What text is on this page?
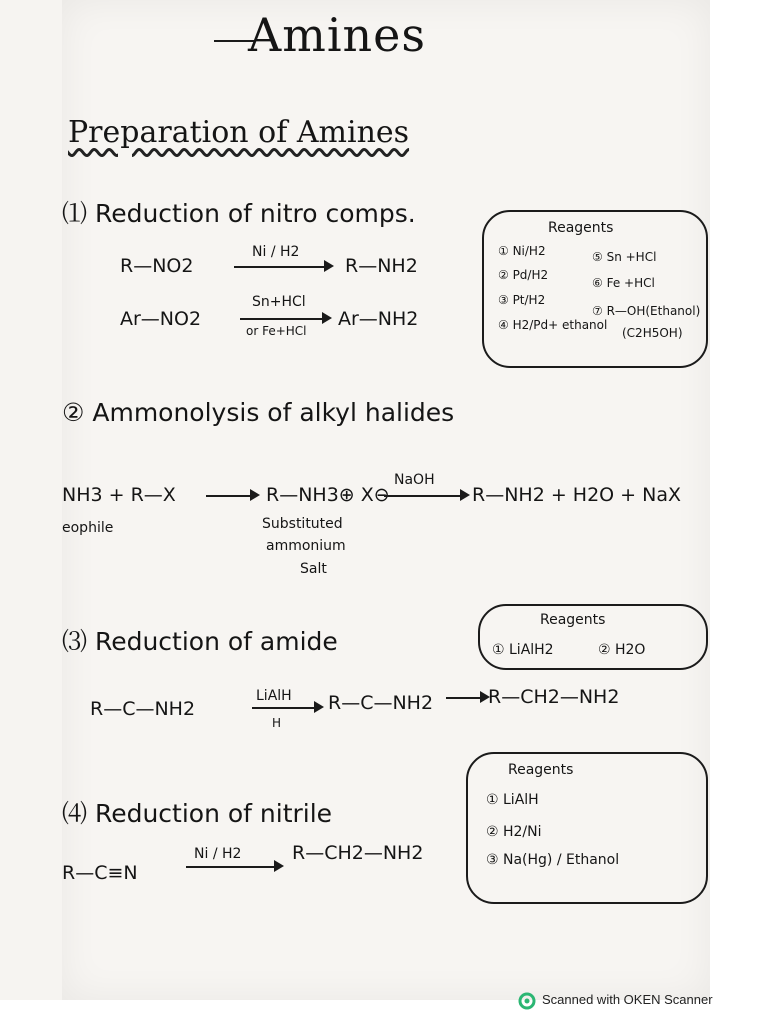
Amines
Preparation of Amines
⑴ Reduction of nitro comps.
R—NO2
Ni / H2
R—NH2
Ar—NO2
Sn+HCl
or Fe+HCl
Ar—NH2
Reagents
① Ni/H2
② Pd/H2
③ Pt/H2
④ H2/Pd+ ethanol
⑤ Sn +HCl
⑥ Fe +HCl
⑦ R—OH(Ethanol)
(C2H5OH)
② Ammonolysis of alkyl halides
NH3 + R—X	R—NH3⊕ X⊖
NaOH
R—NH2 + H2O + NaX
eophile	Substituted
ammonium
Salt
⑶ Reduction of amide
R—C—NH2
LiAlH
H
R—C—NH2	R—CH2—NH2
Reagents
① LiAlH2	② H2O
⑷ Reduction of nitrile
R—C≡N
Ni / H2	R—CH2—NH2
Reagents
① LiAlH
② H2/Ni
③ Na(Hg) / Ethanol
Scanned with OKEN Scanner
